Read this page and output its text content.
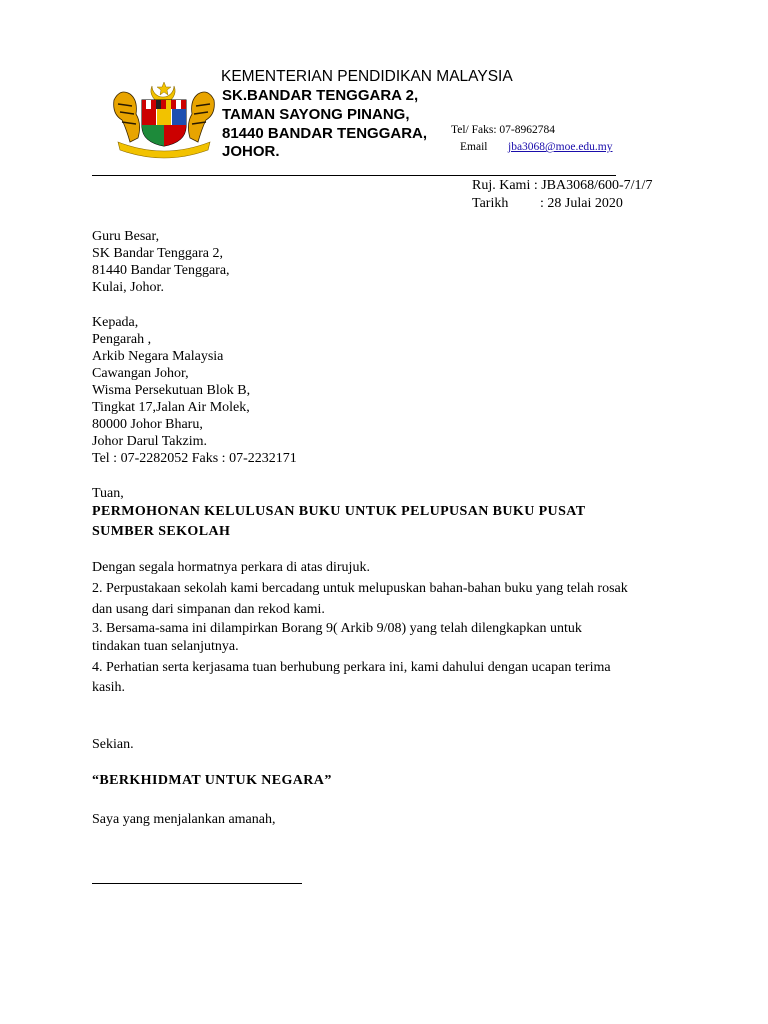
KEMENTERIAN PENDIDIKAN MALAYSIA
SK.BANDAR TENGGARA 2,
TAMAN SAYONG PINANG,
81440 BANDAR TENGGARA,
JOHOR.
Tel/ Faks: 07-8962784
Email jba3068@moe.edu.my
Ruj. Kami : JBA3068/600-7/1/7
Tarikh : 28 Julai 2020
Guru Besar,
SK Bandar Tenggara 2,
81440 Bandar Tenggara,
Kulai, Johor.
Kepada,
Pengarah ,
Arkib Negara Malaysia
Cawangan Johor,
Wisma Persekutuan Blok B,
Tingkat 17,Jalan Air Molek,
80000 Johor Bharu,
Johor Darul Takzim.
Tel : 07-2282052 Faks : 07-2232171
Tuan,
PERMOHONAN KELULUSAN BUKU UNTUK PELUPUSAN BUKU PUSAT
SUMBER SEKOLAH
Dengan segala hormatnya perkara di atas dirujuk.
2. Perpustakaan sekolah kami bercadang untuk melupuskan bahan-bahan buku yang telah rosak
dan usang dari simpanan dan rekod kami.
3. Bersama-sama ini dilampirkan Borang 9( Arkib 9/08) yang telah dilengkapkan untuk
tindakan tuan selanjutnya.
4. Perhatian serta kerjasama tuan berhubung perkara ini, kami dahului dengan ucapan terima
kasih.
Sekian.
“BERKHIDMAT UNTUK NEGARA”
Saya yang menjalankan amanah,
